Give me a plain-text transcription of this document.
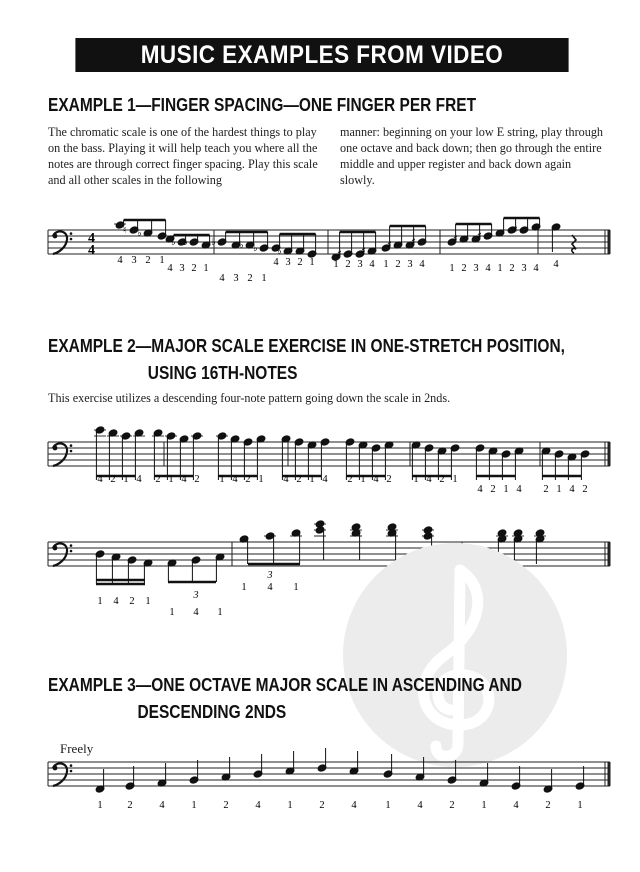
MUSIC EXAMPLES FROM VIDEO
EXAMPLE 1—FINGER SPACING—ONE FINGER PER FRET
The chromatic scale is one of the hardest things to play on the bass. Playing it will help teach you where all the notes are through correct finger spacing. Play this scale and all other scales in the following
manner: beginning on your low E string, play through one octave and back down; then go through the entire middle and upper register and back down again slowly.
4
4
4
♮
3
♭
2 1
4
♭
3
♭
2 1
♭
4 3
♭
2
♭
1
4
♭
3 2 1 1
♯
2 3
♯
4 1
♯
2 3
♯
4 1
♯
2 3
♯
4 1 2
♯
3 4 4
EXAMPLE 2—MAJOR SCALE EXERCISE IN ONE-STRETCH POSITION,
USING 16TH-NOTES
This exercise utilizes a descending four-note pattern going down the scale in 2nds.
4 2 1 4 2 1 4 2 1 4 2 1 4 2 1 4 2 1 4 2 1 4 2 1
4 2 1 4 2 1 4 2
1 4 2 1
3
1 4 1
3
1 4 1
EXAMPLE 3—ONE OCTAVE MAJOR SCALE IN ASCENDING AND
DESCENDING 2NDS
Freely
1 2	4	1	2	4	1	2	4	1	4	2	1	4	2	1
